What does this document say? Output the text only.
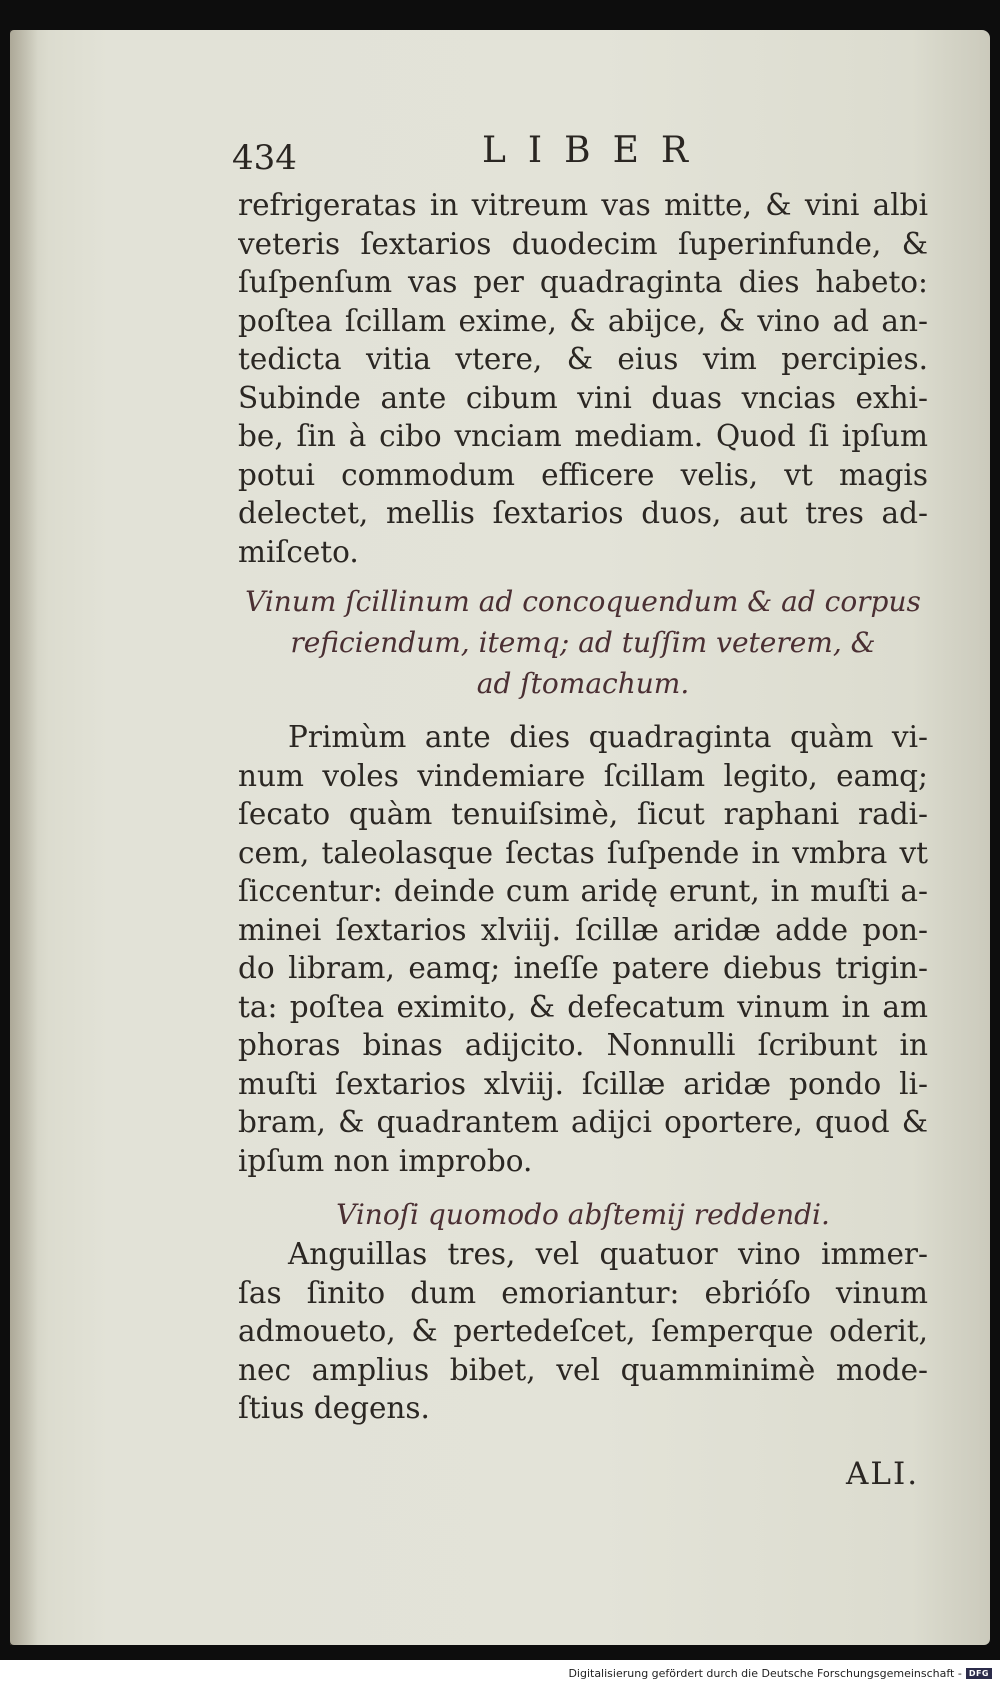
434	LIBER
refrigeratas in vitreum vas mitte, & vini albi
veteris ſextarios duodecim ſuperinfunde, &
ſuſpenſum vas per quadraginta dies habeto:
poſtea ſcillam exime, & abijce, & vino ad an-
tedicta vitia vtere, & eius vim percipies.
Subinde ante cibum vini duas vncias exhi-
be, ſin à cibo vnciam mediam. Quod ſi ipſum
potui commodum efficere velis, vt magis
delectet, mellis ſextarios duos, aut tres ad-
miſceto.
Vinum ſcillinum ad concoquendum & ad corpus
reficiendum, itemq; ad tuſſim veterem, &
ad ſtomachum.
Primùm ante dies quadraginta quàm vi-
num voles vindemiare ſcillam legito, eamq;
ſecato quàm tenuiſsimè, ſicut raphani radi-
cem, taleolasque ſectas ſuſpende in vmbra vt
ſiccentur: deinde cum aridę erunt, in muſti a-
minei ſextarios xlviij. ſcillæ aridæ adde pon-
do libram, eamq; ineſſe patere diebus trigin-
ta: poſtea eximito, & defecatum vinum in am
phoras binas adijcito. Nonnulli ſcribunt in
muſti ſextarios xlviij. ſcillæ aridæ pondo li-
bram, & quadrantem adijci oportere, quod &
ipſum non improbo.
Vinoſi quomodo abſtemij reddendi.
Anguillas tres, vel quatuor vino immer-
ſas ſinito dum emoriantur: ebrióſo vinum
admoueto, & pertedeſcet, ſemperque oderit,
nec amplius bibet, vel quamminimè mode-
ſtius degens.
ALI.
Digitalisierung gefördert durch die Deutsche Forschungsgemeinschaft - DFG
